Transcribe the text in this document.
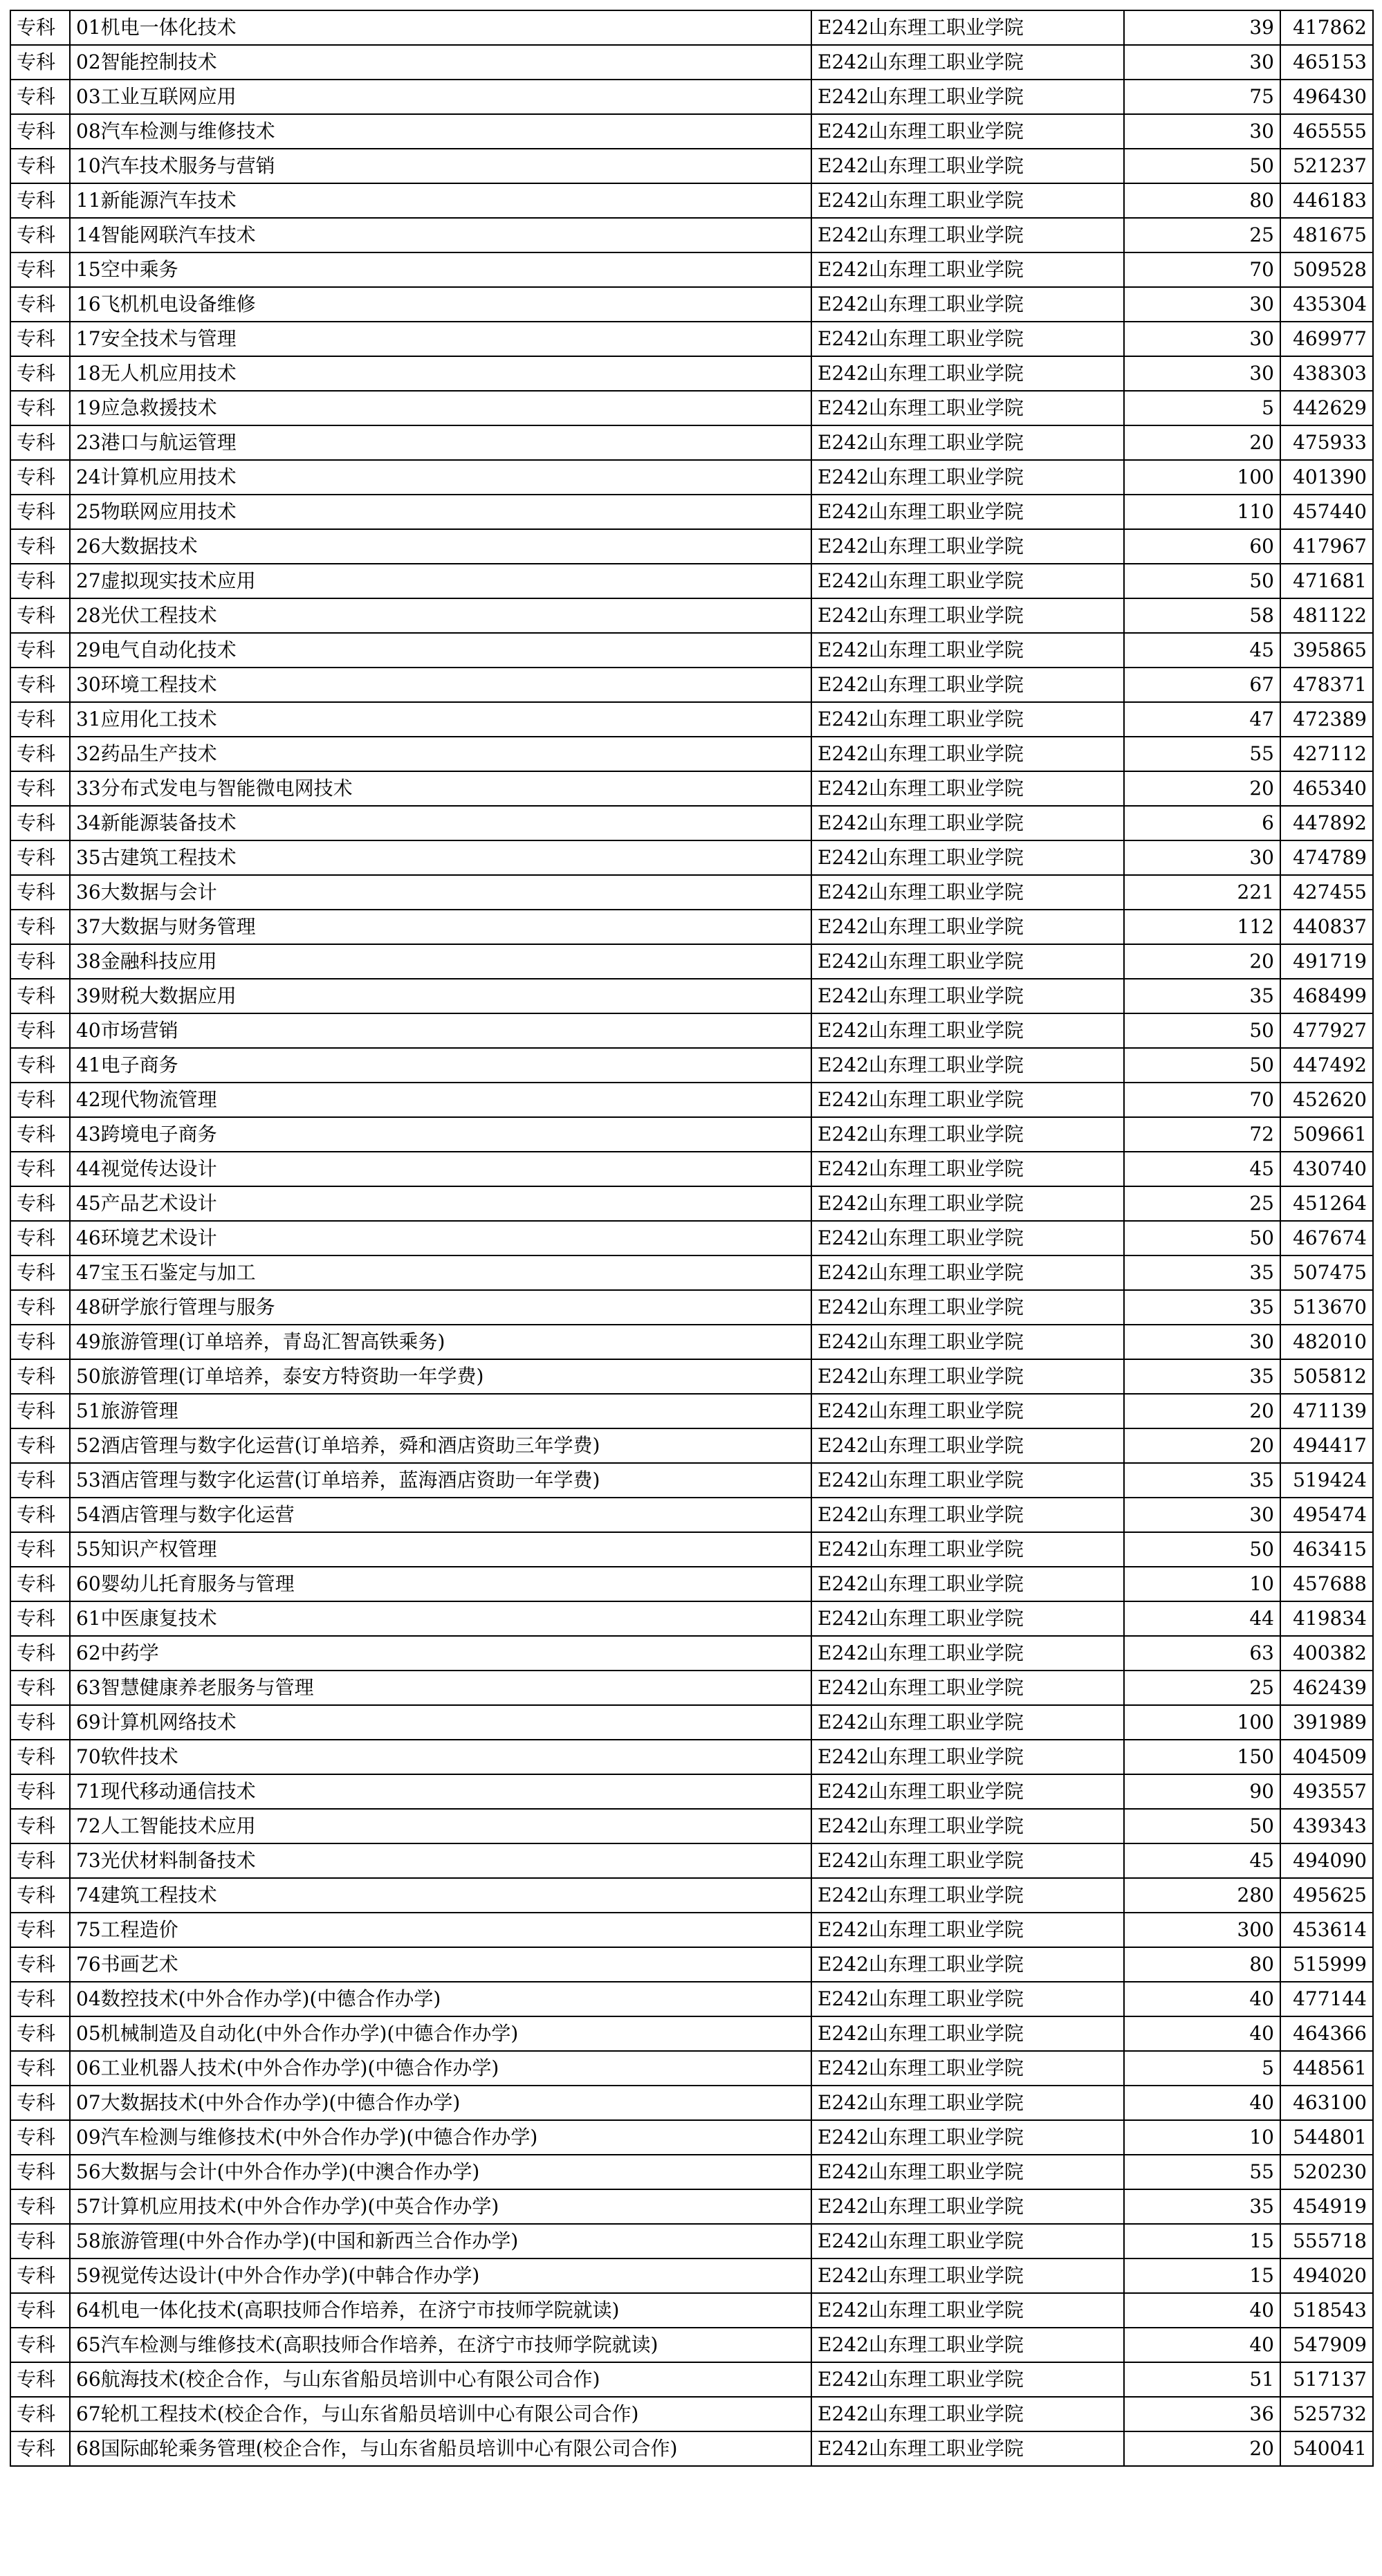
专科	01机电一体化技术	E242山东理工职业学院	39	417862
专科	02智能控制技术	E242山东理工职业学院	30	465153
专科	03工业互联网应用	E242山东理工职业学院	75	496430
专科	08汽车检测与维修技术	E242山东理工职业学院	30	465555
专科	10汽车技术服务与营销	E242山东理工职业学院	50	521237
专科	11新能源汽车技术	E242山东理工职业学院	80	446183
专科	14智能网联汽车技术	E242山东理工职业学院	25	481675
专科	15空中乘务	E242山东理工职业学院	70	509528
专科	16飞机机电设备维修	E242山东理工职业学院	30	435304
专科	17安全技术与管理	E242山东理工职业学院	30	469977
专科	18无人机应用技术	E242山东理工职业学院	30	438303
专科	19应急救援技术	E242山东理工职业学院	5	442629
专科	23港口与航运管理	E242山东理工职业学院	20	475933
专科	24计算机应用技术	E242山东理工职业学院	100	401390
专科	25物联网应用技术	E242山东理工职业学院	110	457440
专科	26大数据技术	E242山东理工职业学院	60	417967
专科	27虚拟现实技术应用	E242山东理工职业学院	50	471681
专科	28光伏工程技术	E242山东理工职业学院	58	481122
专科	29电气自动化技术	E242山东理工职业学院	45	395865
专科	30环境工程技术	E242山东理工职业学院	67	478371
专科	31应用化工技术	E242山东理工职业学院	47	472389
专科	32药品生产技术	E242山东理工职业学院	55	427112
专科	33分布式发电与智能微电网技术	E242山东理工职业学院	20	465340
专科	34新能源装备技术	E242山东理工职业学院	6	447892
专科	35古建筑工程技术	E242山东理工职业学院	30	474789
专科	36大数据与会计	E242山东理工职业学院	221	427455
专科	37大数据与财务管理	E242山东理工职业学院	112	440837
专科	38金融科技应用	E242山东理工职业学院	20	491719
专科	39财税大数据应用	E242山东理工职业学院	35	468499
专科	40市场营销	E242山东理工职业学院	50	477927
专科	41电子商务	E242山东理工职业学院	50	447492
专科	42现代物流管理	E242山东理工职业学院	70	452620
专科	43跨境电子商务	E242山东理工职业学院	72	509661
专科	44视觉传达设计	E242山东理工职业学院	45	430740
专科	45产品艺术设计	E242山东理工职业学院	25	451264
专科	46环境艺术设计	E242山东理工职业学院	50	467674
专科	47宝玉石鉴定与加工	E242山东理工职业学院	35	507475
专科	48研学旅行管理与服务	E242山东理工职业学院	35	513670
专科	49旅游管理(订单培养，青岛汇智高铁乘务)	E242山东理工职业学院	30	482010
专科	50旅游管理(订单培养，泰安方特资助一年学费)	E242山东理工职业学院	35	505812
专科	51旅游管理	E242山东理工职业学院	20	471139
专科	52酒店管理与数字化运营(订单培养，舜和酒店资助三年学费)	E242山东理工职业学院	20	494417
专科	53酒店管理与数字化运营(订单培养，蓝海酒店资助一年学费)	E242山东理工职业学院	35	519424
专科	54酒店管理与数字化运营	E242山东理工职业学院	30	495474
专科	55知识产权管理	E242山东理工职业学院	50	463415
专科	60婴幼儿托育服务与管理	E242山东理工职业学院	10	457688
专科	61中医康复技术	E242山东理工职业学院	44	419834
专科	62中药学	E242山东理工职业学院	63	400382
专科	63智慧健康养老服务与管理	E242山东理工职业学院	25	462439
专科	69计算机网络技术	E242山东理工职业学院	100	391989
专科	70软件技术	E242山东理工职业学院	150	404509
专科	71现代移动通信技术	E242山东理工职业学院	90	493557
专科	72人工智能技术应用	E242山东理工职业学院	50	439343
专科	73光伏材料制备技术	E242山东理工职业学院	45	494090
专科	74建筑工程技术	E242山东理工职业学院	280	495625
专科	75工程造价	E242山东理工职业学院	300	453614
专科	76书画艺术	E242山东理工职业学院	80	515999
专科	04数控技术(中外合作办学)(中德合作办学)	E242山东理工职业学院	40	477144
专科	05机械制造及自动化(中外合作办学)(中德合作办学)	E242山东理工职业学院	40	464366
专科	06工业机器人技术(中外合作办学)(中德合作办学)	E242山东理工职业学院	5	448561
专科	07大数据技术(中外合作办学)(中德合作办学)	E242山东理工职业学院	40	463100
专科	09汽车检测与维修技术(中外合作办学)(中德合作办学)	E242山东理工职业学院	10	544801
专科	56大数据与会计(中外合作办学)(中澳合作办学)	E242山东理工职业学院	55	520230
专科	57计算机应用技术(中外合作办学)(中英合作办学)	E242山东理工职业学院	35	454919
专科	58旅游管理(中外合作办学)(中国和新西兰合作办学)	E242山东理工职业学院	15	555718
专科	59视觉传达设计(中外合作办学)(中韩合作办学)	E242山东理工职业学院	15	494020
专科	64机电一体化技术(高职技师合作培养，在济宁市技师学院就读)	E242山东理工职业学院	40	518543
专科	65汽车检测与维修技术(高职技师合作培养，在济宁市技师学院就读)	E242山东理工职业学院	40	547909
专科	66航海技术(校企合作，与山东省船员培训中心有限公司合作)	E242山东理工职业学院	51	517137
专科	67轮机工程技术(校企合作，与山东省船员培训中心有限公司合作)	E242山东理工职业学院	36	525732
专科	68国际邮轮乘务管理(校企合作，与山东省船员培训中心有限公司合作)	E242山东理工职业学院	20	540041
